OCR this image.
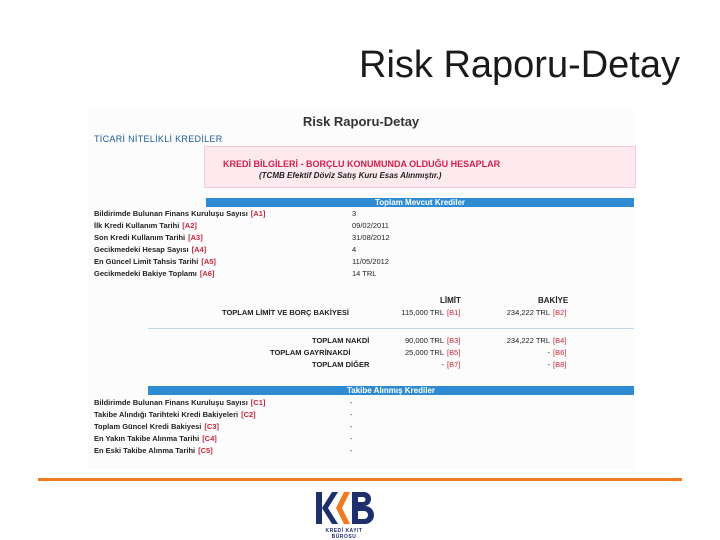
Risk Raporu-Detay
Risk Raporu-Detay
TİCARİ NİTELİKLİ KREDİLER
KREDİ BİLGİLERİ - BORÇLU KONUMUNDA OLDUĞU HESAPLAR
(TCMB Efektif Döviz Satış Kuru Esas Alınmıştır.)
Toplam Mevcut Krediler
Bildirimde Bulunan Finans Kuruluşu Sayısı [A1]	3
İlk Kredi Kullanım Tarihi [A2]	09/02/2011
Son Kredi Kullanım Tarihi [A3]	31/08/2012
Gecikmedeki Hesap Sayısı [A4]	4
En Güncel Limit Tahsis Tarihi [A5]	11/05/2012
Gecikmedeki Bakiye Toplamı [A6]	14 TRL
LİMİT	BAKİYE
TOPLAM LİMİT VE BORÇ BAKİYESİ	115,000 TRL [B1]	234,222 TRL [B2]
TOPLAM NAKDİ	90,000 TRL [B3]	234,222 TRL [B4]
TOPLAM GAYRİNAKDİ	25,000 TRL [B5]	- [B6]
TOPLAM DİĞER	- [B7]	- [B8]
Takibe Alınmış Krediler
Bildirimde Bulunan Finans Kuruluşu Sayısı [C1]	-
Takibe Alındığı Tarihteki Kredi Bakiyeleri [C2]	-
Toplam Güncel Kredi Bakiyesi [C3]	-
En Yakın Takibe Alınma Tarihi [C4]	-
En Eski Takibe Alınma Tarihi [C5]	-
KREDİ KAYIT BÜROSU
